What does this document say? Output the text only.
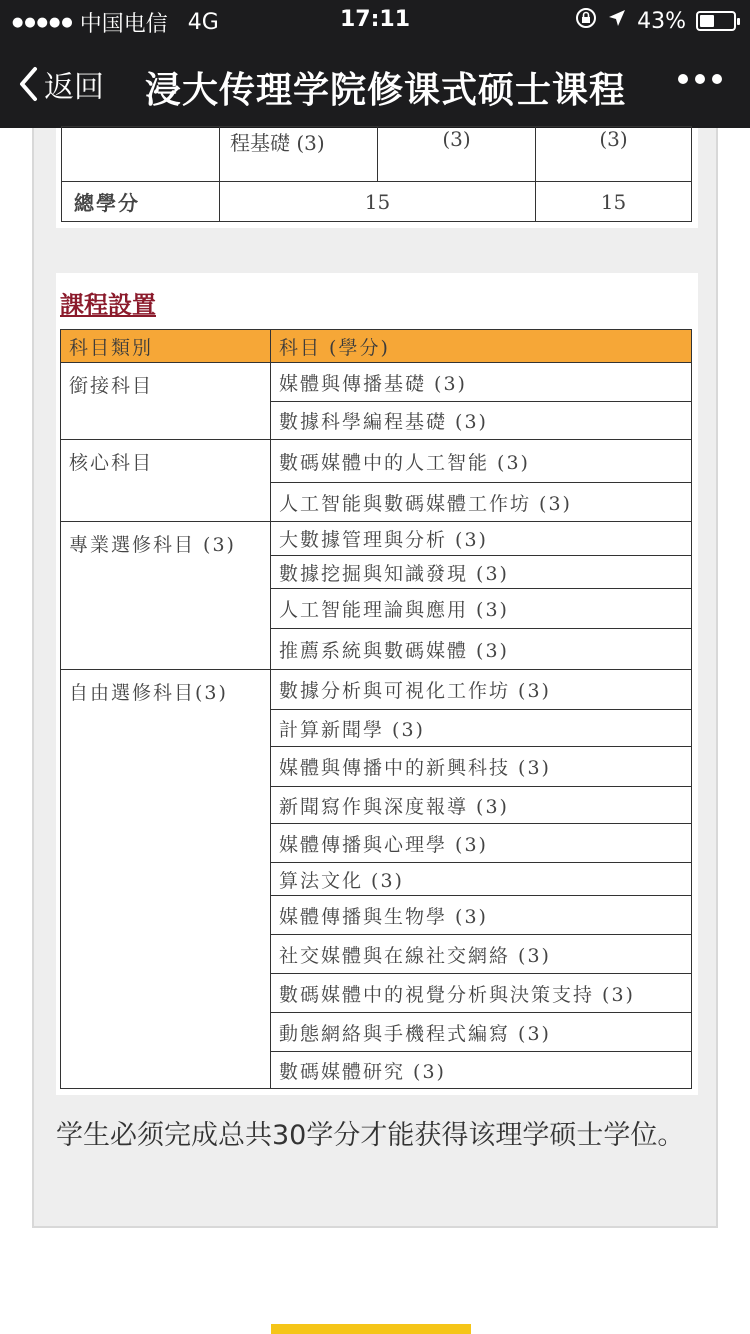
●●●●● 中国电信 4G	17:11	43%
返回 浸大传理学院修课式硕士课程
	程基礎 (3)	(3)	(3)
總學分	15		15
課程設置
科目類別	科目 (學分)
銜接科目	媒體與傳播基礎 (3)
	數據科學編程基礎 (3)
核心科目	數碼媒體中的人工智能 (3)
	人工智能與數碼媒體工作坊 (3)
專業選修科目 (3)	大數據管理與分析 (3)
	數據挖掘與知識發現 (3)
	人工智能理論與應用 (3)
	推薦系統與數碼媒體 (3)
自由選修科目(3)	數據分析與可視化工作坊 (3)
	計算新聞學 (3)
	媒體與傳播中的新興科技 (3)
	新聞寫作與深度報導 (3)
	媒體傳播與心理學 (3)
	算法文化 (3)
	媒體傳播與生物學 (3)
	社交媒體與在線社交網絡 (3)
	數碼媒體中的視覺分析與決策支持 (3)
	動態網絡與手機程式編寫 (3)
	數碼媒體研究 (3)
学生必须完成总共30学分才能获得该理学硕士学位。
